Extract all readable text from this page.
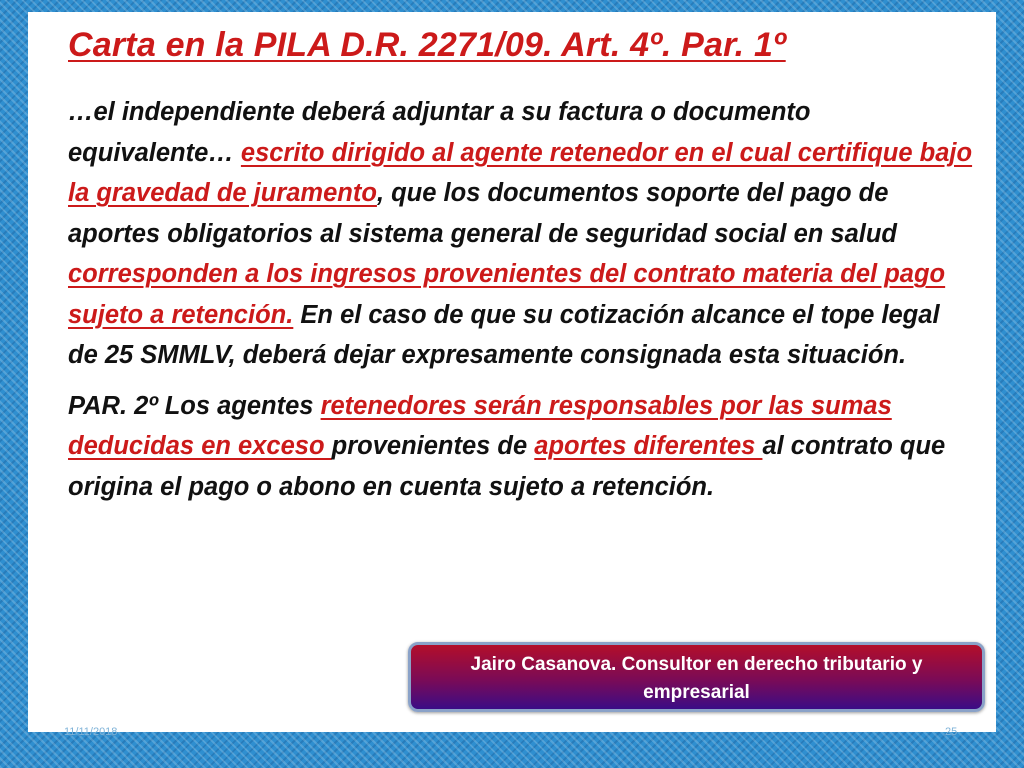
Carta en la PILA D.R. 2271/09. Art. 4º. Par. 1º

…el independiente deberá adjuntar a su factura o documento equivalente… escrito dirigido al agente retenedor en el cual certifique bajo la gravedad de juramento, que los documentos soporte del pago de aportes obligatorios al sistema general de seguridad social en salud corresponden a los ingresos provenientes del contrato materia del pago sujeto a retención. En el caso de que su cotización alcance el tope legal de 25 SMMLV, deberá dejar expresamente consignada esta situación.

PAR. 2º Los agentes retenedores serán responsables por las sumas deducidas en exceso provenientes de aportes diferentes al contrato que origina el pago o abono en cuenta sujeto a retención.

Jairo Casanova. Consultor en derecho tributario y
empresarial
11/11/2018	25
